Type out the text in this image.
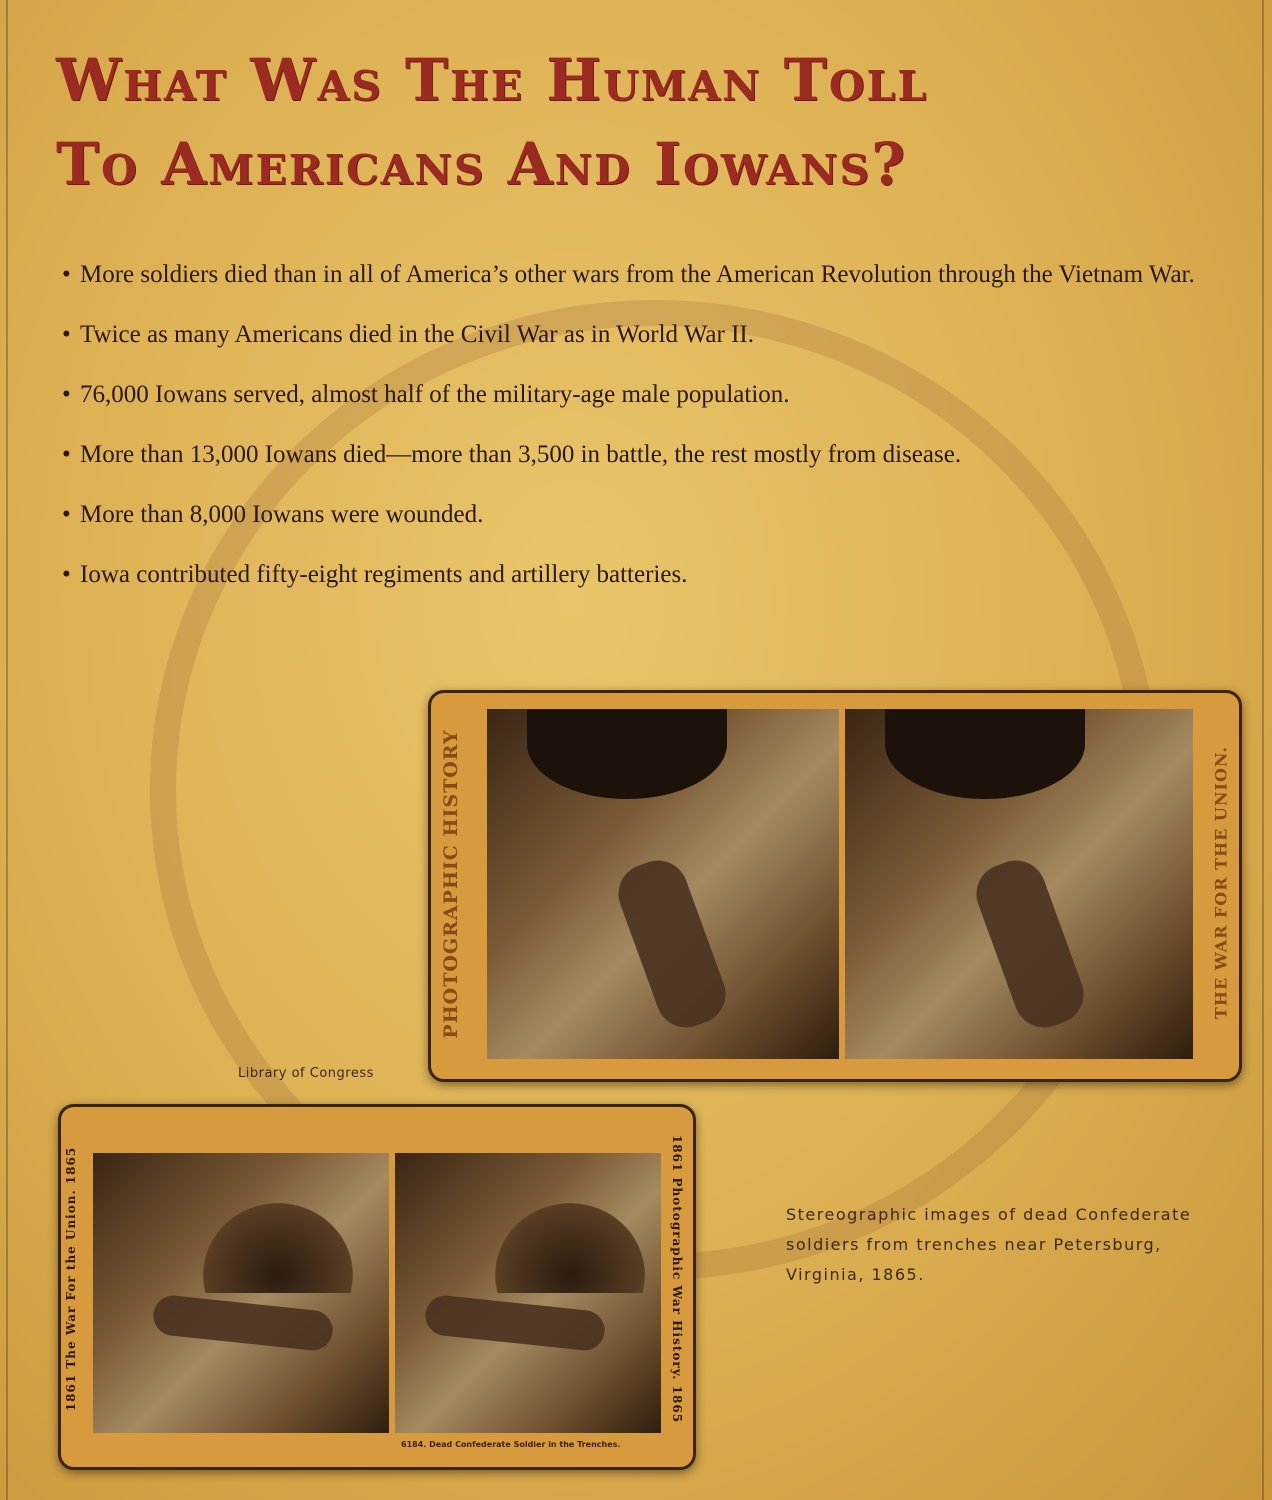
What Was The Human Toll
To Americans And Iowans?
• More soldiers died than in all of America’s other wars from the American Revolution through the Vietnam War.
• Twice as many Americans died in the Civil War as in World War II.
• 76,000 Iowans served, almost half of the military-age male population.
• More than 13,000 Iowans died—more than 3,500 in battle, the rest mostly from disease.
• More than 8,000 Iowans were wounded.
• Iowa contributed fifty-eight regiments and artillery batteries.
PHOTOGRAPHIC HISTORY	THE WAR FOR THE UNION.
Library of Congress
1861 The War For the Union. 1865	1861 Photographic War History. 1865
6184. Dead Confederate Soldier in the Trenches.
Stereographic images of dead Confederate soldiers from trenches near Petersburg, Virginia, 1865.
